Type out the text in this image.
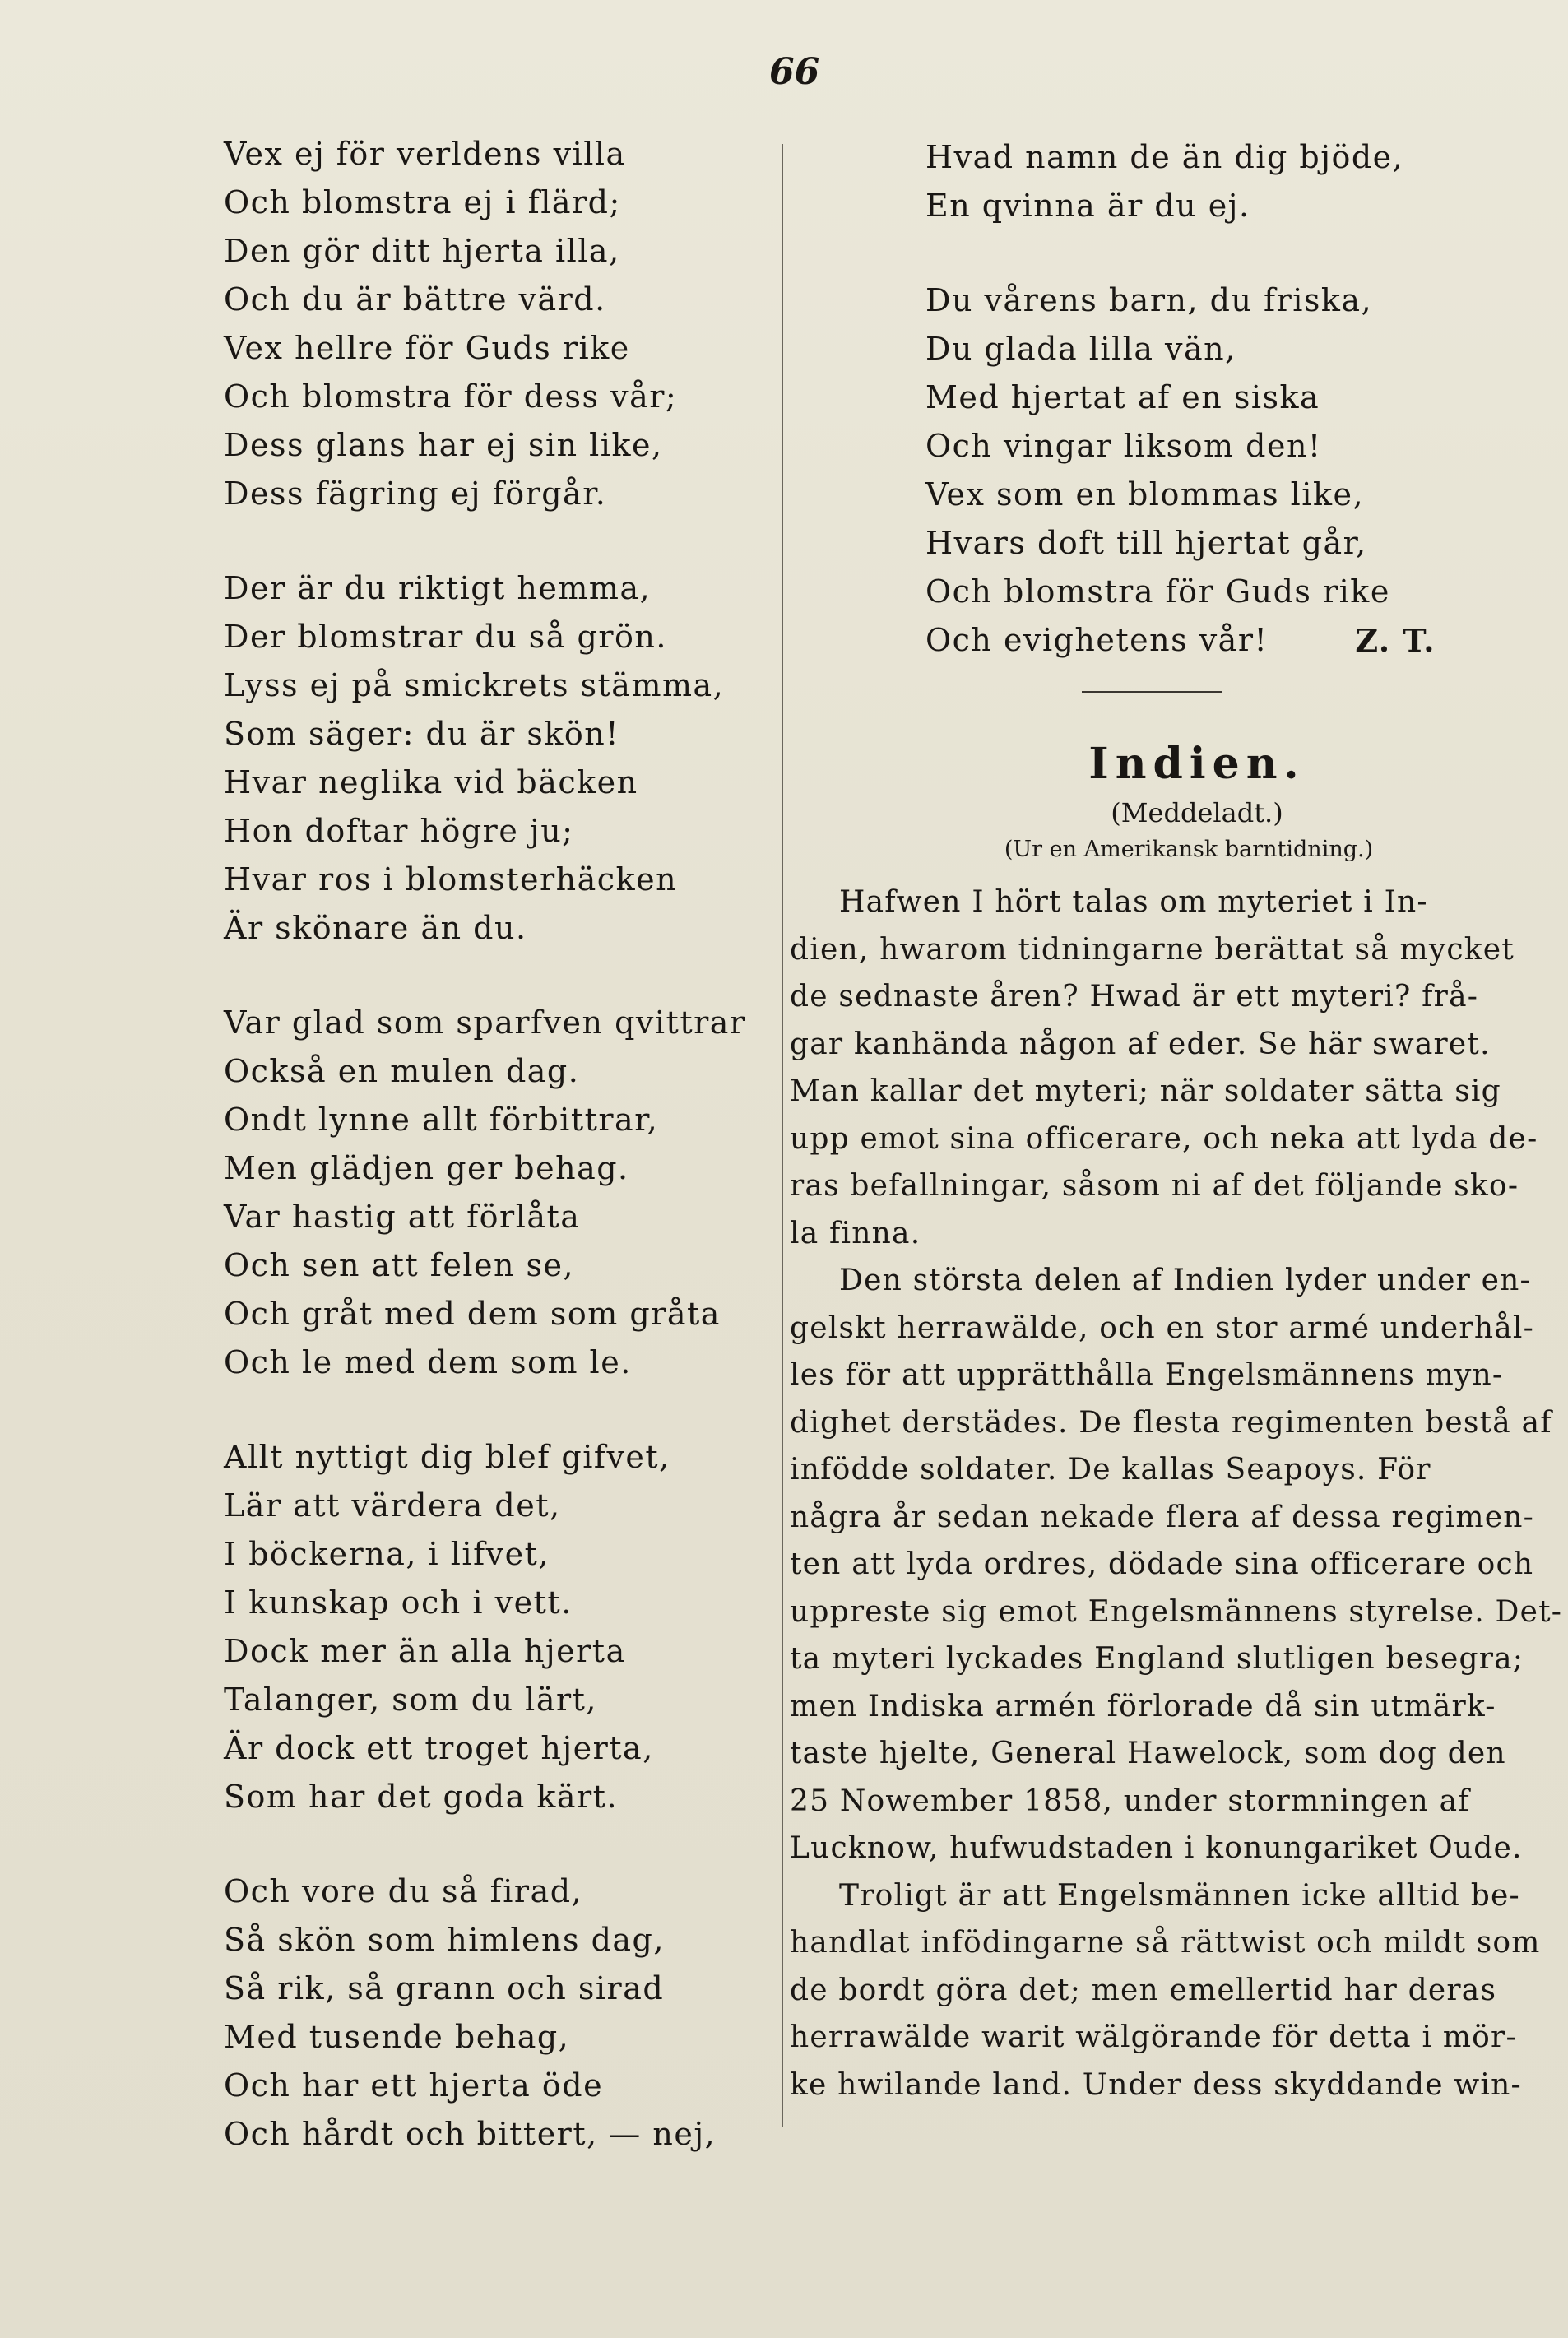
66
Vex ej för verldens villa
Och blomstra ej i flärd;
Den gör ditt hjerta illa,
Och du är bättre värd.
Vex hellre för Guds rike
Och blomstra för dess vår;
Dess glans har ej sin like,
Dess fägring ej förgår.
Der är du riktigt hemma,
Der blomstrar du så grön.
Lyss ej på smickrets stämma,
Som säger: du är skön!
Hvar neglika vid bäcken
Hon doftar högre ju;
Hvar ros i blomsterhäcken
Är skönare än du.
Var glad som sparfven qvittrar
Också en mulen dag.
Ondt lynne allt förbittrar,
Men glädjen ger behag.
Var hastig att förlåta
Och sen att felen se,
Och gråt med dem som gråta
Och le med dem som le.
Allt nyttigt dig blef gifvet,
Lär att värdera det,
I böckerna, i lifvet,
I kunskap och i vett.
Dock mer än alla hjerta
Talanger, som du lärt,
Är dock ett troget hjerta,
Som har det goda kärt.
Och vore du så firad,
Så skön som himlens dag,
Så rik, så grann och sirad
Med tusende behag,
Och har ett hjerta öde
Och hårdt och bittert, — nej,
Hvad namn de än dig bjöde,
En qvinna är du ej.
Du vårens barn, du friska,
Du glada lilla vän,
Med hjertat af en siska
Och vingar liksom den!
Vex som en blommas like,
Hvars doft till hjertat går,
Och blomstra för Guds rike
Och evighetens vår!	Z. T.
Indien.
(Meddeladt.)
(Ur en Amerikansk barntidning.)
Hafwen I hört talas om myteriet i In-
dien, hwarom tidningarne berättat så mycket
de sednaste åren? Hwad är ett myteri? frå-
gar kanhända någon af eder. Se här swaret.
Man kallar det myteri; när soldater sätta sig
upp emot sina officerare, och neka att lyda de-
ras befallningar, såsom ni af det följande sko-
la finna.
Den största delen af Indien lyder under en-
gelskt herrawälde, och en stor armé underhål-
les för att upprätthålla Engelsmännens myn-
dighet derstädes. De flesta regimenten bestå af
infödde soldater. De kallas Seapoys. För
några år sedan nekade flera af dessa regimen-
ten att lyda ordres, dödade sina officerare och
upprestе sig emot Engelsmännens styrelse. Det-
ta myteri lyckades England slutligen besegra;
men Indiska armén förlorade då sin utmärk-
taste hjelte, General Hawelock, som dog den
25 Nowember 1858, under stormningen af
Lucknow, hufwudstaden i konungariket Oude.
Troligt är att Engelsmännen icke alltid be-
handlat infödingarne så rättwist och mildt som
de bordt göra det; men emellertid har deras
herrawälde warit wälgörande för detta i mör-
ke hwilande land. Under dess skyddande win-
